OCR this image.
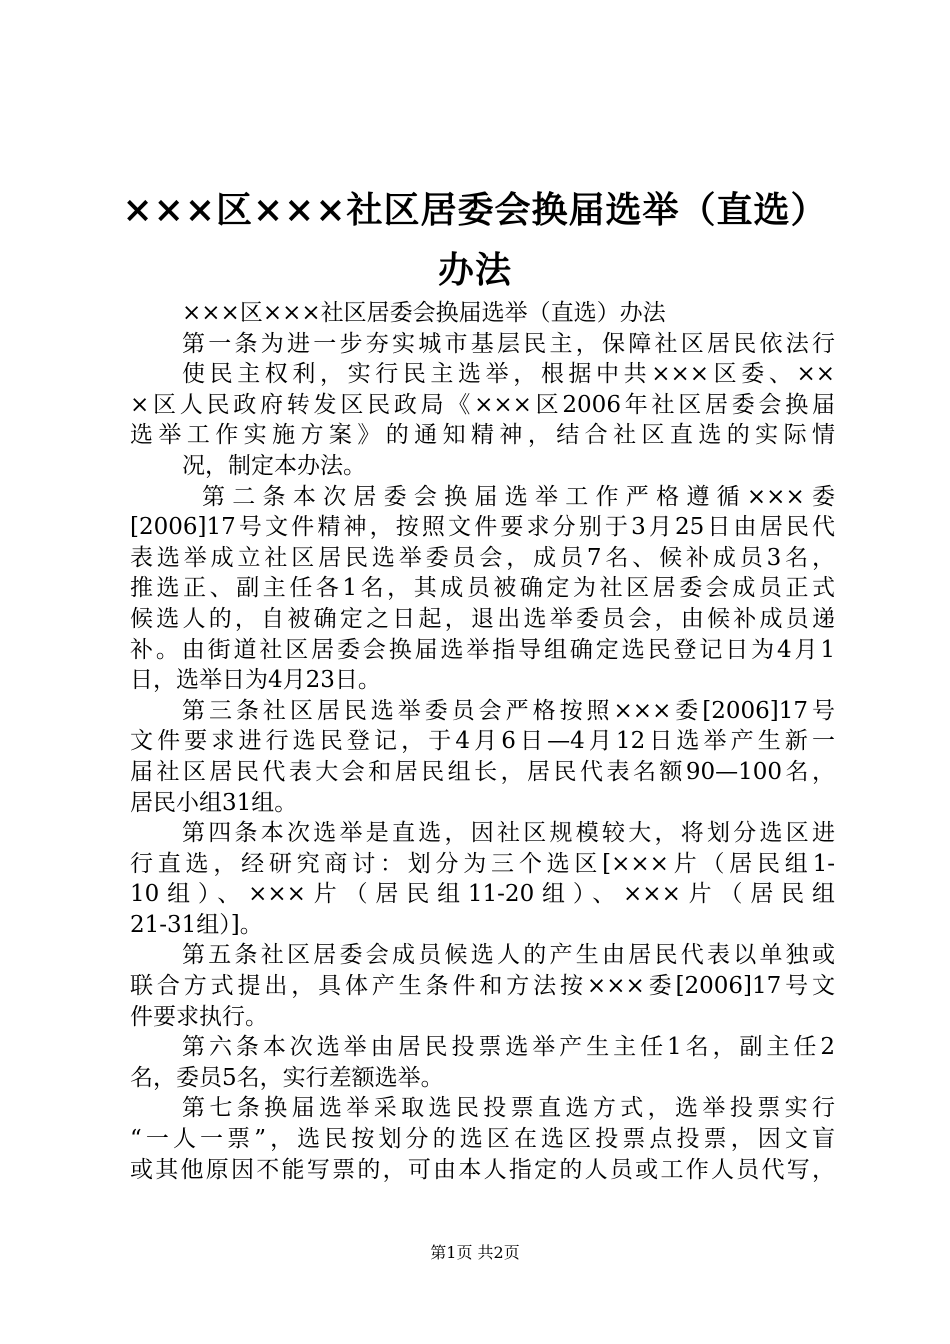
×××区×××社区居委会换届选举（直选）
办法
×××区×××社区居委会换届选举（直选）办法
第一条为进一步夯实城市基层民主，保障社区居民依法行
使民主权利，实行民主选举，根据中共×××区委、××
×区人民政府转发区民政局《×××区2006年社区居委会换届
选举工作实施方案》的通知精神，结合社区直选的实际情
况，制定本办法。
第二条本次居委会换届选举工作严格遵循×××委
[2006]17号文件精神，按照文件要求分别于3月25日由居民代
表选举成立社区居民选举委员会，成员7名、候补成员3名，
推选正、副主任各1名，其成员被确定为社区居委会成员正式
候选人的，自被确定之日起，退出选举委员会，由候补成员递
补。由街道社区居委会换届选举指导组确定选民登记日为4月1
日，选举日为4月23日。
第三条社区居民选举委员会严格按照×××委[2006]17号
文件要求进行选民登记，于4月6日—4月12日选举产生新一
届社区居民代表大会和居民组长，居民代表名额90—100名，
居民小组31组。
第四条本次选举是直选，因社区规模较大，将划分选区进
行直选，经研究商讨：划分为三个选区[×××片（居民组1-
10组）、×××片（居民组11-20组）、×××片（居民组
21-31组）]。
第五条社区居委会成员候选人的产生由居民代表以单独或
联合方式提出，具体产生条件和方法按×××委[2006]17号文
件要求执行。
第六条本次选举由居民投票选举产生主任1名，副主任2
名，委员5名，实行差额选举。
第七条换届选举采取选民投票直选方式，选举投票实行
“一人一票”，选民按划分的选区在选区投票点投票，因文盲
或其他原因不能写票的，可由本人指定的人员或工作人员代写，
第1页 共2页
